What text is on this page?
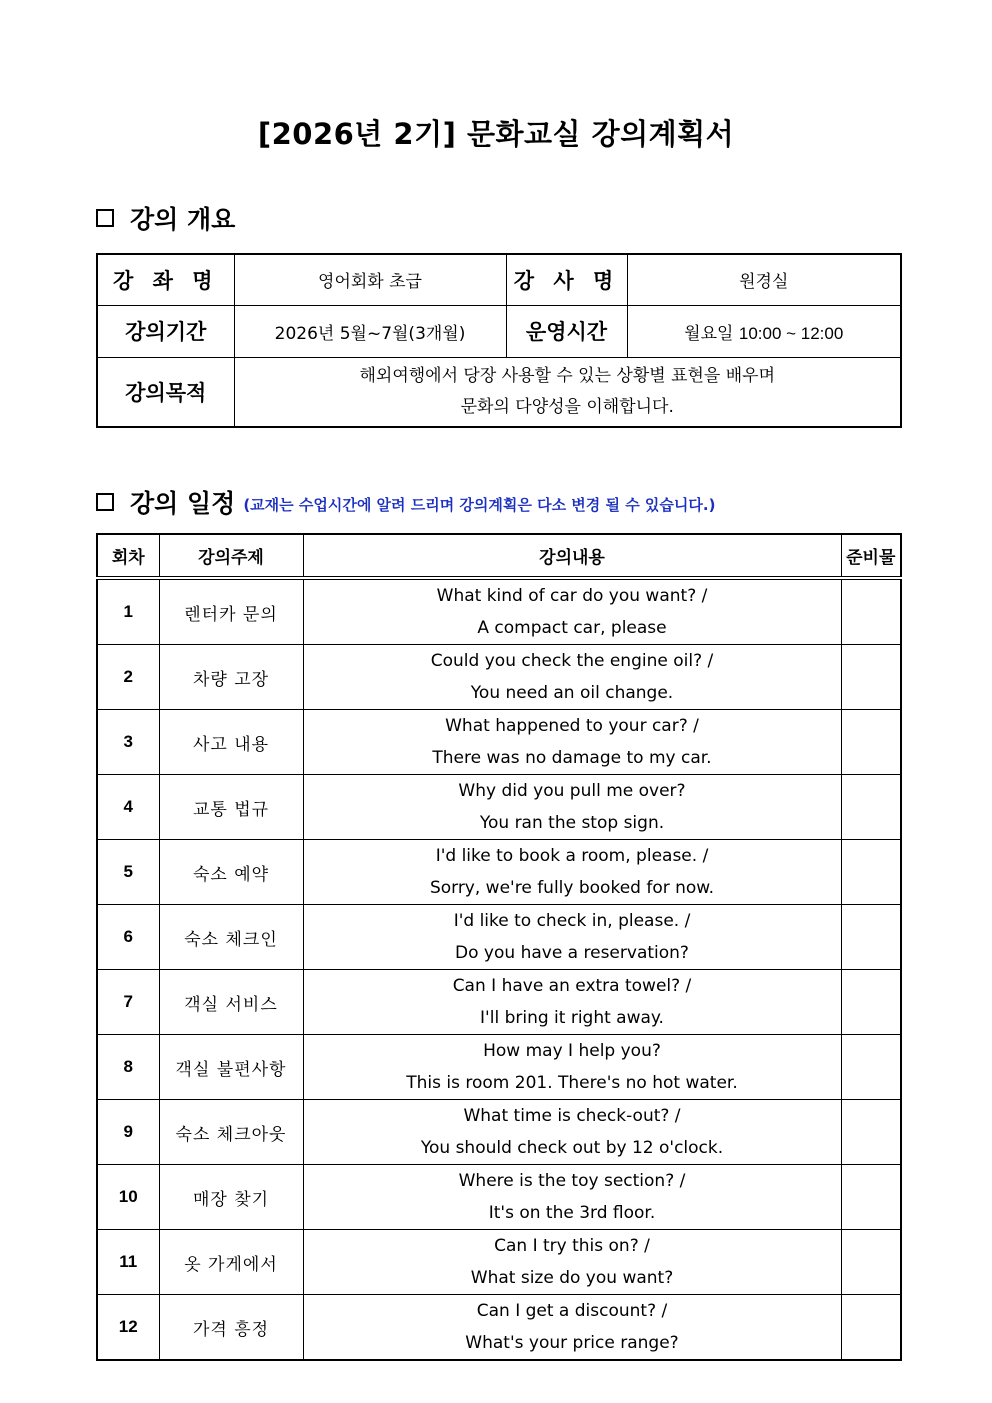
[2026년 2기] 문화교실 강의계획서
강의 개요
강 좌 명	영어회화 초급	강 사 명	원경실
강의기간	2026년 5월~7월(3개월)	운영시간	월요일 10:00 ~ 12:00
강의목적	해외여행에서 당장 사용할 수 있는 상황별 표현을 배우며
문화의 다양성을 이해합니다.		
강의 일정 (교재는 수업시간에 알려 드리며 강의계획은 다소 변경 될 수 있습니다.)
회차	강의주제	강의내용	준비물
1	렌터카 문의	What kind of car do you want? /
A compact car, please	

2	차량 고장	Could you check the engine oil? /
You need an oil change.	

3	사고 내용	What happened to your car? /
There was no damage to my car.	

4	교통 법규	Why did you pull me over?
You ran the stop sign.	

5	숙소 예약	I'd like to book a room, please. /
Sorry, we're fully booked for now.	

6	숙소 체크인	I'd like to check in, please. /
Do you have a reservation?	

7	객실 서비스	Can I have an extra towel? /
I'll bring it right away.	

8	객실 불편사항	How may I help you?
This is room 201. There's no hot water.	

9	숙소 체크아웃	What time is check-out? /
You should check out by 12 o'clock.	

10	매장 찾기	Where is the toy section? /
It's on the 3rd floor.	

11	옷 가게에서	Can I try this on? /
What size do you want?	

12	가격 흥정	Can I get a discount? /
What's your price range?	
